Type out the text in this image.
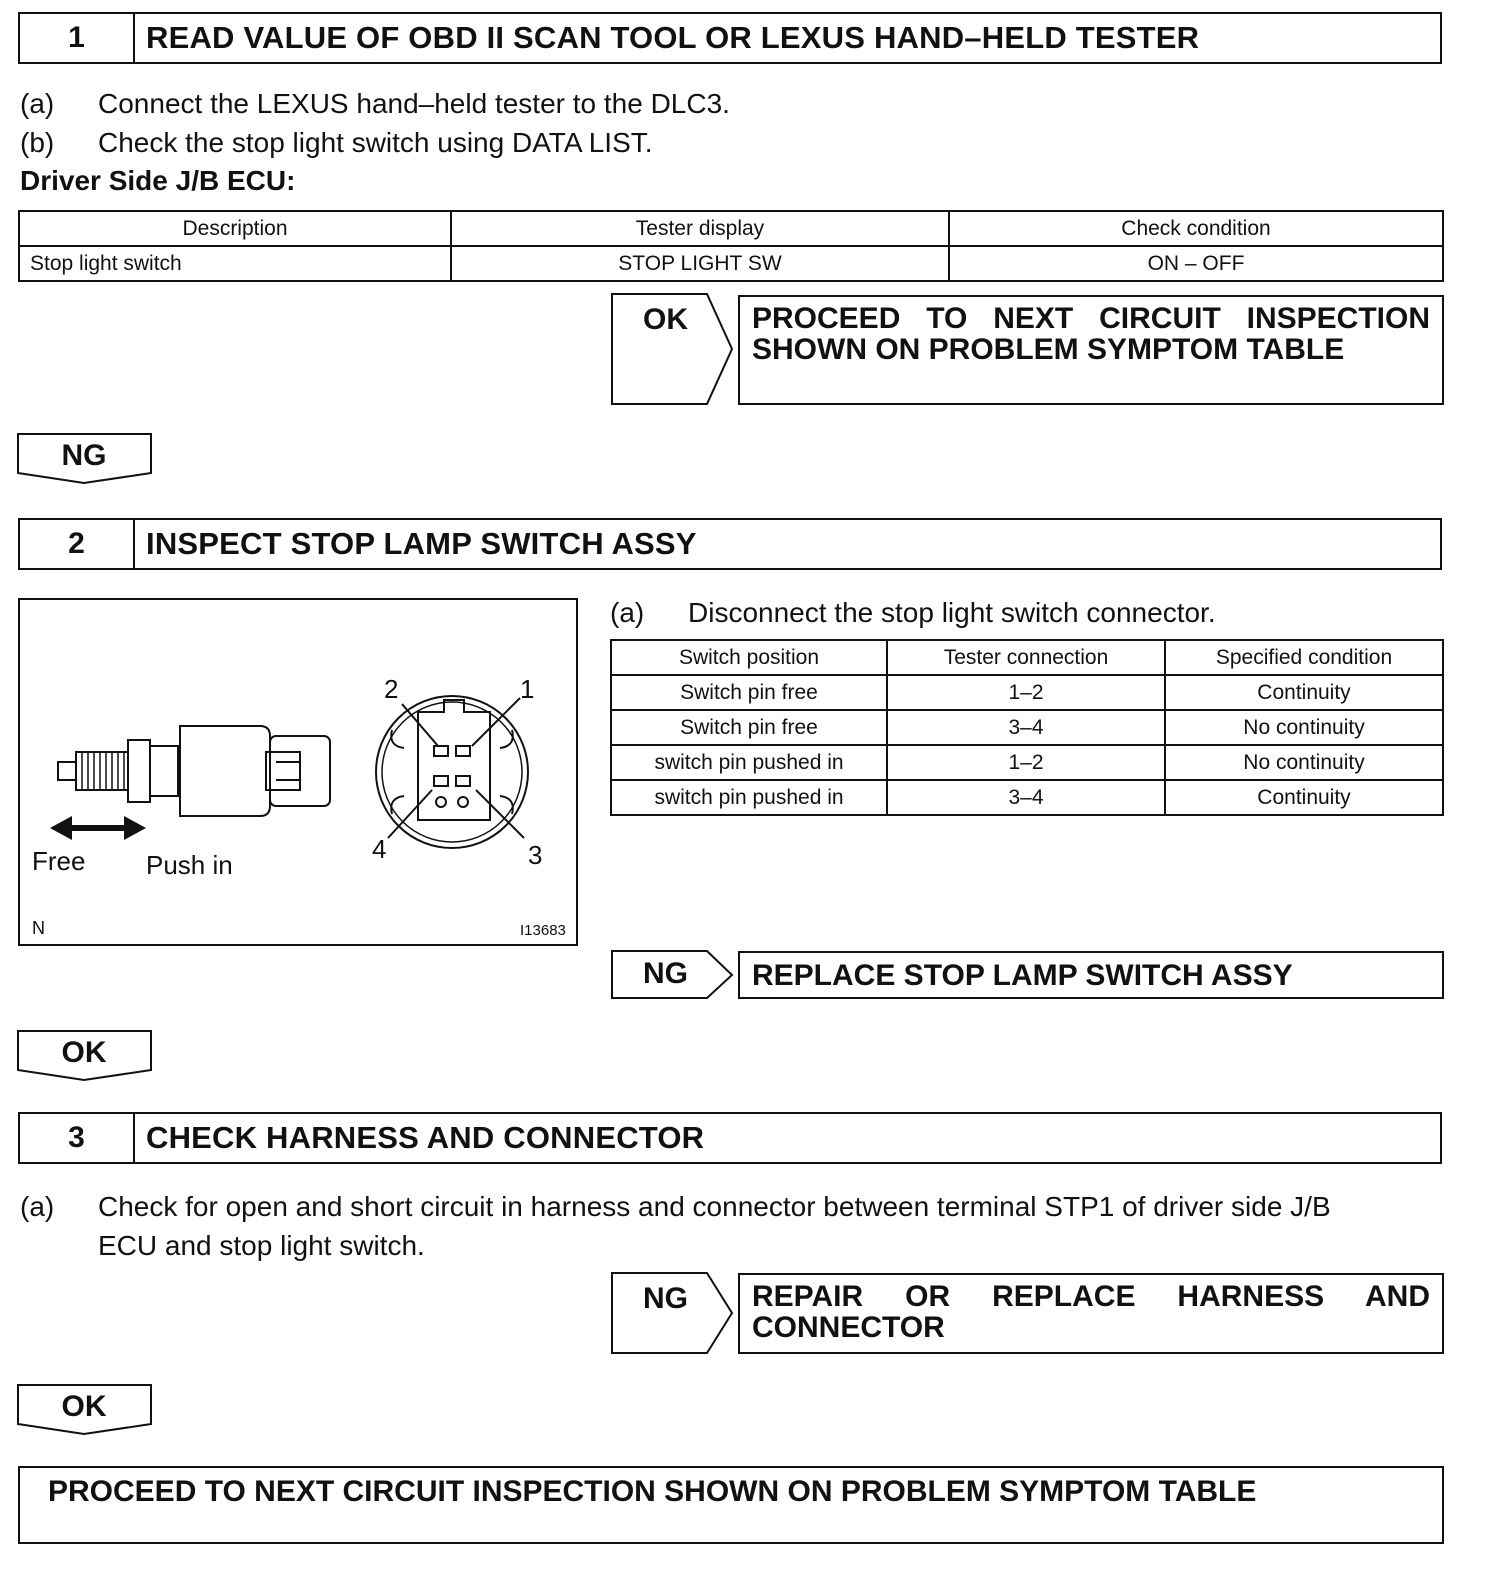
1	READ VALUE OF OBD II SCAN TOOL OR LEXUS HAND–HELD TESTER
(a) Connect the LEXUS hand–held tester to the DLC3.
(b) Check the stop light switch using DATA LIST.
Driver Side J/B ECU:
Description	Tester display	Check condition
Stop light switch	STOP LIGHT SW	ON – OFF
OK PROCEED TO NEXT CIRCUIT INSPECTION
SHOWN ON PROBLEM SYMPTOM TABLE
NG
2	INSPECT STOP LAMP SWITCH ASSY
2	1
4	3
Free Push in
N	I13683
(a) Disconnect the stop light switch connector.
Switch position	Tester connection	Specified condition
Switch pin free	1–2	Continuity
Switch pin free	3–4	No continuity
switch pin pushed in	1–2	No continuity
switch pin pushed in	3–4	Continuity
NG REPLACE STOP LAMP SWITCH ASSY
OK
3	CHECK HARNESS AND CONNECTOR
(a) Check for open and short circuit in harness and connector between terminal STP1 of driver side J/B
ECU and stop light switch.
NG REPAIR OR REPLACE HARNESS AND
CONNECTOR
OK
PROCEED TO NEXT CIRCUIT INSPECTION SHOWN ON PROBLEM SYMPTOM TABLE
